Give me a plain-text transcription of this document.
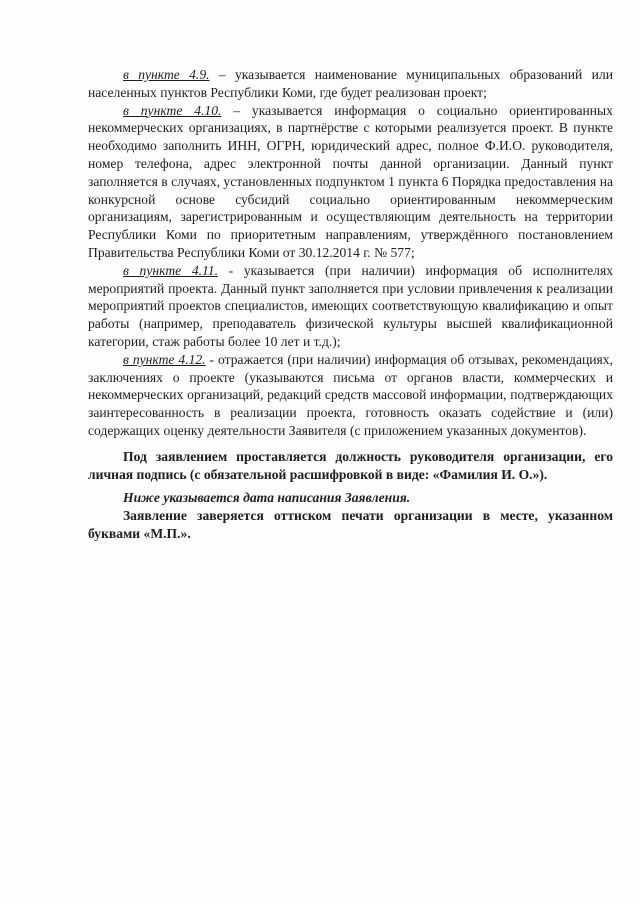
в пункте 4.9. – указывается наименование муниципальных образований или населенных пунктов Республики Коми, где будет реализован проект;

в пункте 4.10. – указывается информация о социально ориентированных некоммерческих организациях, в партнёрстве с которыми реализуется проект. В пункте необходимо заполнить ИНН, ОГРН, юридический адрес, полное Ф.И.О. руководителя, номер телефона, адрес электронной почты данной организации. Данный пункт заполняется в случаях, установленных подпунктом 1 пункта 6 Порядка предоставления на конкурсной основе субсидий социально ориентированным некоммерческим организациям, зарегистрированным и осуществляющим деятельность на территории Республики Коми по приоритетным направлениям, утверждённого постановлением Правительства Республики Коми от 30.12.2014 г. № 577;

в пункте 4.11. - указывается (при наличии) информация об исполнителях мероприятий проекта. Данный пункт заполняется при условии привлечения к реализации мероприятий проектов специалистов, имеющих соответствующую квалификацию и опыт работы (например, преподаватель физической культуры высшей квалификационной категории, стаж работы более 10 лет и т.д.);

в пункте 4.12. - отражается (при наличии) информация об отзывах, рекомендациях, заключениях о проекте (указываются письма от органов власти, коммерческих и некоммерческих организаций, редакций средств массовой информации, подтверждающих заинтересованность в реализации проекта, готовность оказать содействие и (или) содержащих оценку деятельности Заявителя (с приложением указанных документов).

Под заявлением проставляется должность руководителя организации, его личная подпись (с обязательной расшифровкой в виде: «Фамилия И. О.»).

Ниже указывается дата написания Заявления.

Заявление заверяется оттиском печати организации в месте, указанном буквами «М.П.».
